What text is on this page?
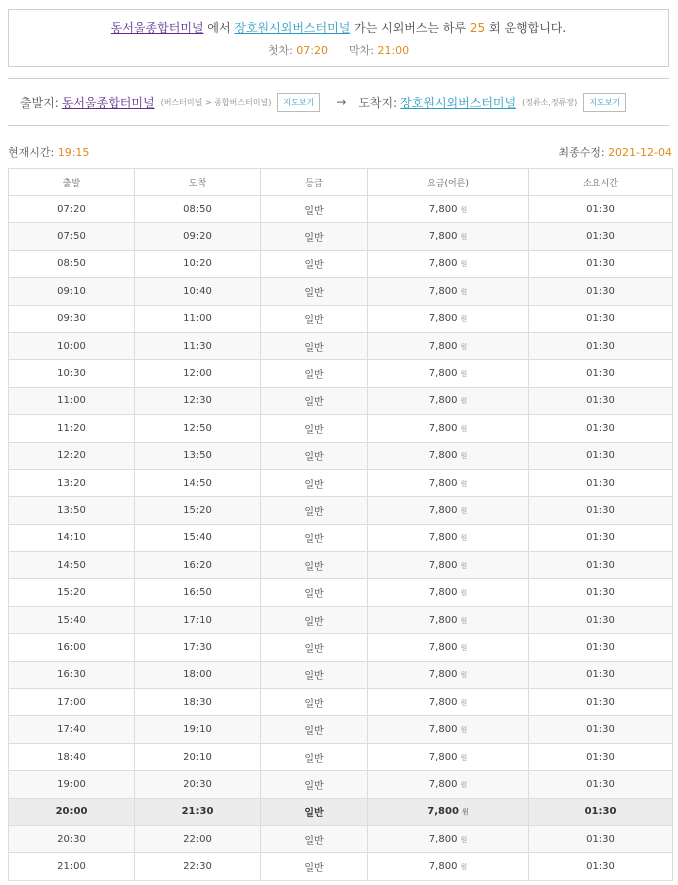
동서울종합터미널 에서 장호원시외버스터미널 가는 시외버스는 하루 25 회 운행합니다.
첫차: 07:20 막차: 21:00
출발지: 동서울종합터미널 (버스터미널 > 종합버스터미널)	지도보기	→ 도착지: 장호원시외버스터미널 (정류소,정류장)	지도보기
현재시간: 19:15	최종수정: 2021-12-04
출발	도착	등급	요금(어른)	소요시간
07:20	08:50	일반	7,800 원	01:30
07:50	09:20	일반	7,800 원	01:30
08:50	10:20	일반	7,800 원	01:30
09:10	10:40	일반	7,800 원	01:30
09:30	11:00	일반	7,800 원	01:30
10:00	11:30	일반	7,800 원	01:30
10:30	12:00	일반	7,800 원	01:30
11:00	12:30	일반	7,800 원	01:30
11:20	12:50	일반	7,800 원	01:30
12:20	13:50	일반	7,800 원	01:30
13:20	14:50	일반	7,800 원	01:30
13:50	15:20	일반	7,800 원	01:30
14:10	15:40	일반	7,800 원	01:30
14:50	16:20	일반	7,800 원	01:30
15:20	16:50	일반	7,800 원	01:30
15:40	17:10	일반	7,800 원	01:30
16:00	17:30	일반	7,800 원	01:30
16:30	18:00	일반	7,800 원	01:30
17:00	18:30	일반	7,800 원	01:30
17:40	19:10	일반	7,800 원	01:30
18:40	20:10	일반	7,800 원	01:30
19:00	20:30	일반	7,800 원	01:30
20:00	21:30	일반	7,800 원	01:30
20:30	22:00	일반	7,800 원	01:30
21:00	22:30	일반	7,800 원	01:30
